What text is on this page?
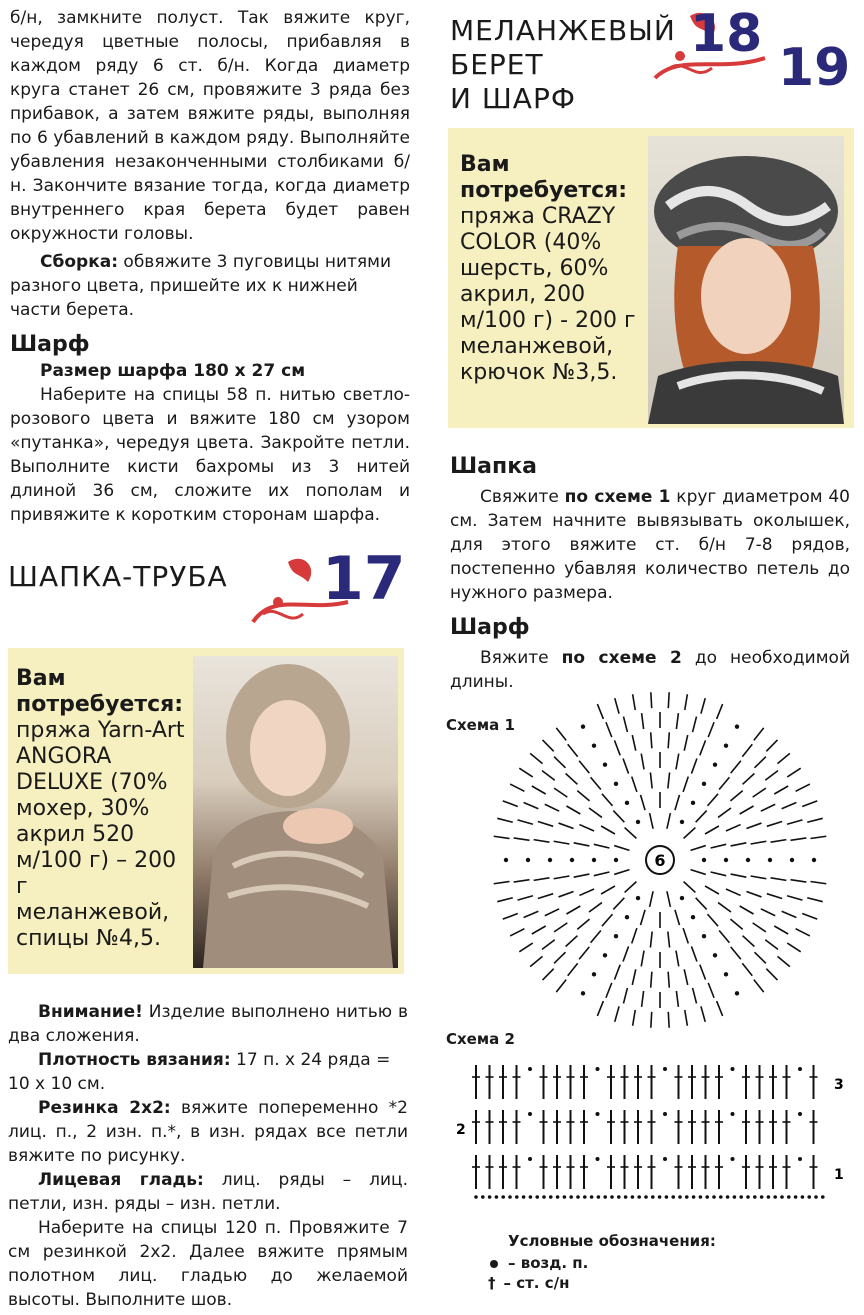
б/н, замкните полуст. Так вяжите круг, чередуя цветные полосы, прибавляя в каждом ряду 6 ст. б/н. Когда диаметр круга станет 26 см, провяжите 3 ряда без прибавок, а затем вяжите ряды, выполняя по 6 убавлений в каждом ряду. Выполняйте убавления незаконченными столбиками б/н. Закончите вязание тогда, когда диаметр внутреннего края берета будет равен окружности головы.

Сборка: обвяжите 3 пуговицы нитями разного цвета, пришейте их к нижней части берета.

Шарф

Размер шарфа 180 х 27 см

Наберите на спицы 58 п. нитью светло-розового цвета и вяжите 180 см узором «путанка», чередуя цвета. Закройте петли. Выполните кисти бахромы из 3 нитей длиной 36 см, сложите их пополам и привяжите к коротким сторонам шарфа.

ШАПКА-ТРУБА 17
Вам потребуется:
пряжа Yarn-Art ANGORA DELUXE (70% мохер, 30% акрил 520 м/100 г) – 200 г меланжевой, спицы №4,5.

Внимание! Изделие выполнено нитью в два сложения.

Плотность вязания: 17 п. х 24 ряда = 10 х 10 см.

Резинка 2х2: вяжите попеременно *2 лиц. п., 2 изн. п.*, в изн. рядах все петли вяжите по рисунку.

Лицевая гладь: лиц. ряды – лиц. петли, изн. ряды – изн. петли.

Наберите на спицы 120 п. Провяжите 7 см резинкой 2х2. Далее вяжите прямым полотном лиц. гладью до желаемой высоты. Выполните шов.

МЕЛАНЖЕВЫЙ

БЕРЕТ

И ШАРФ

18
19
Вам потребуется:
пряжа CRAZY COLOR (40% шерсть, 60% акрил, 200 м/100 г) - 200 г меланжевой, крючок №3,5.

Шапка

Свяжите по схеме 1 круг диаметром 40 см. Затем начните вывязывать околышек, для этого вяжите ст. б/н 7-8 рядов, постепенно убавляя количество петель до нужного размера.

Шарф

Вяжите по схеме 2 до необходимой длины.

Схема 1
6
Схема 2
3
2
1
Условные обозначения:
– возд. п.
† – ст. с/н
